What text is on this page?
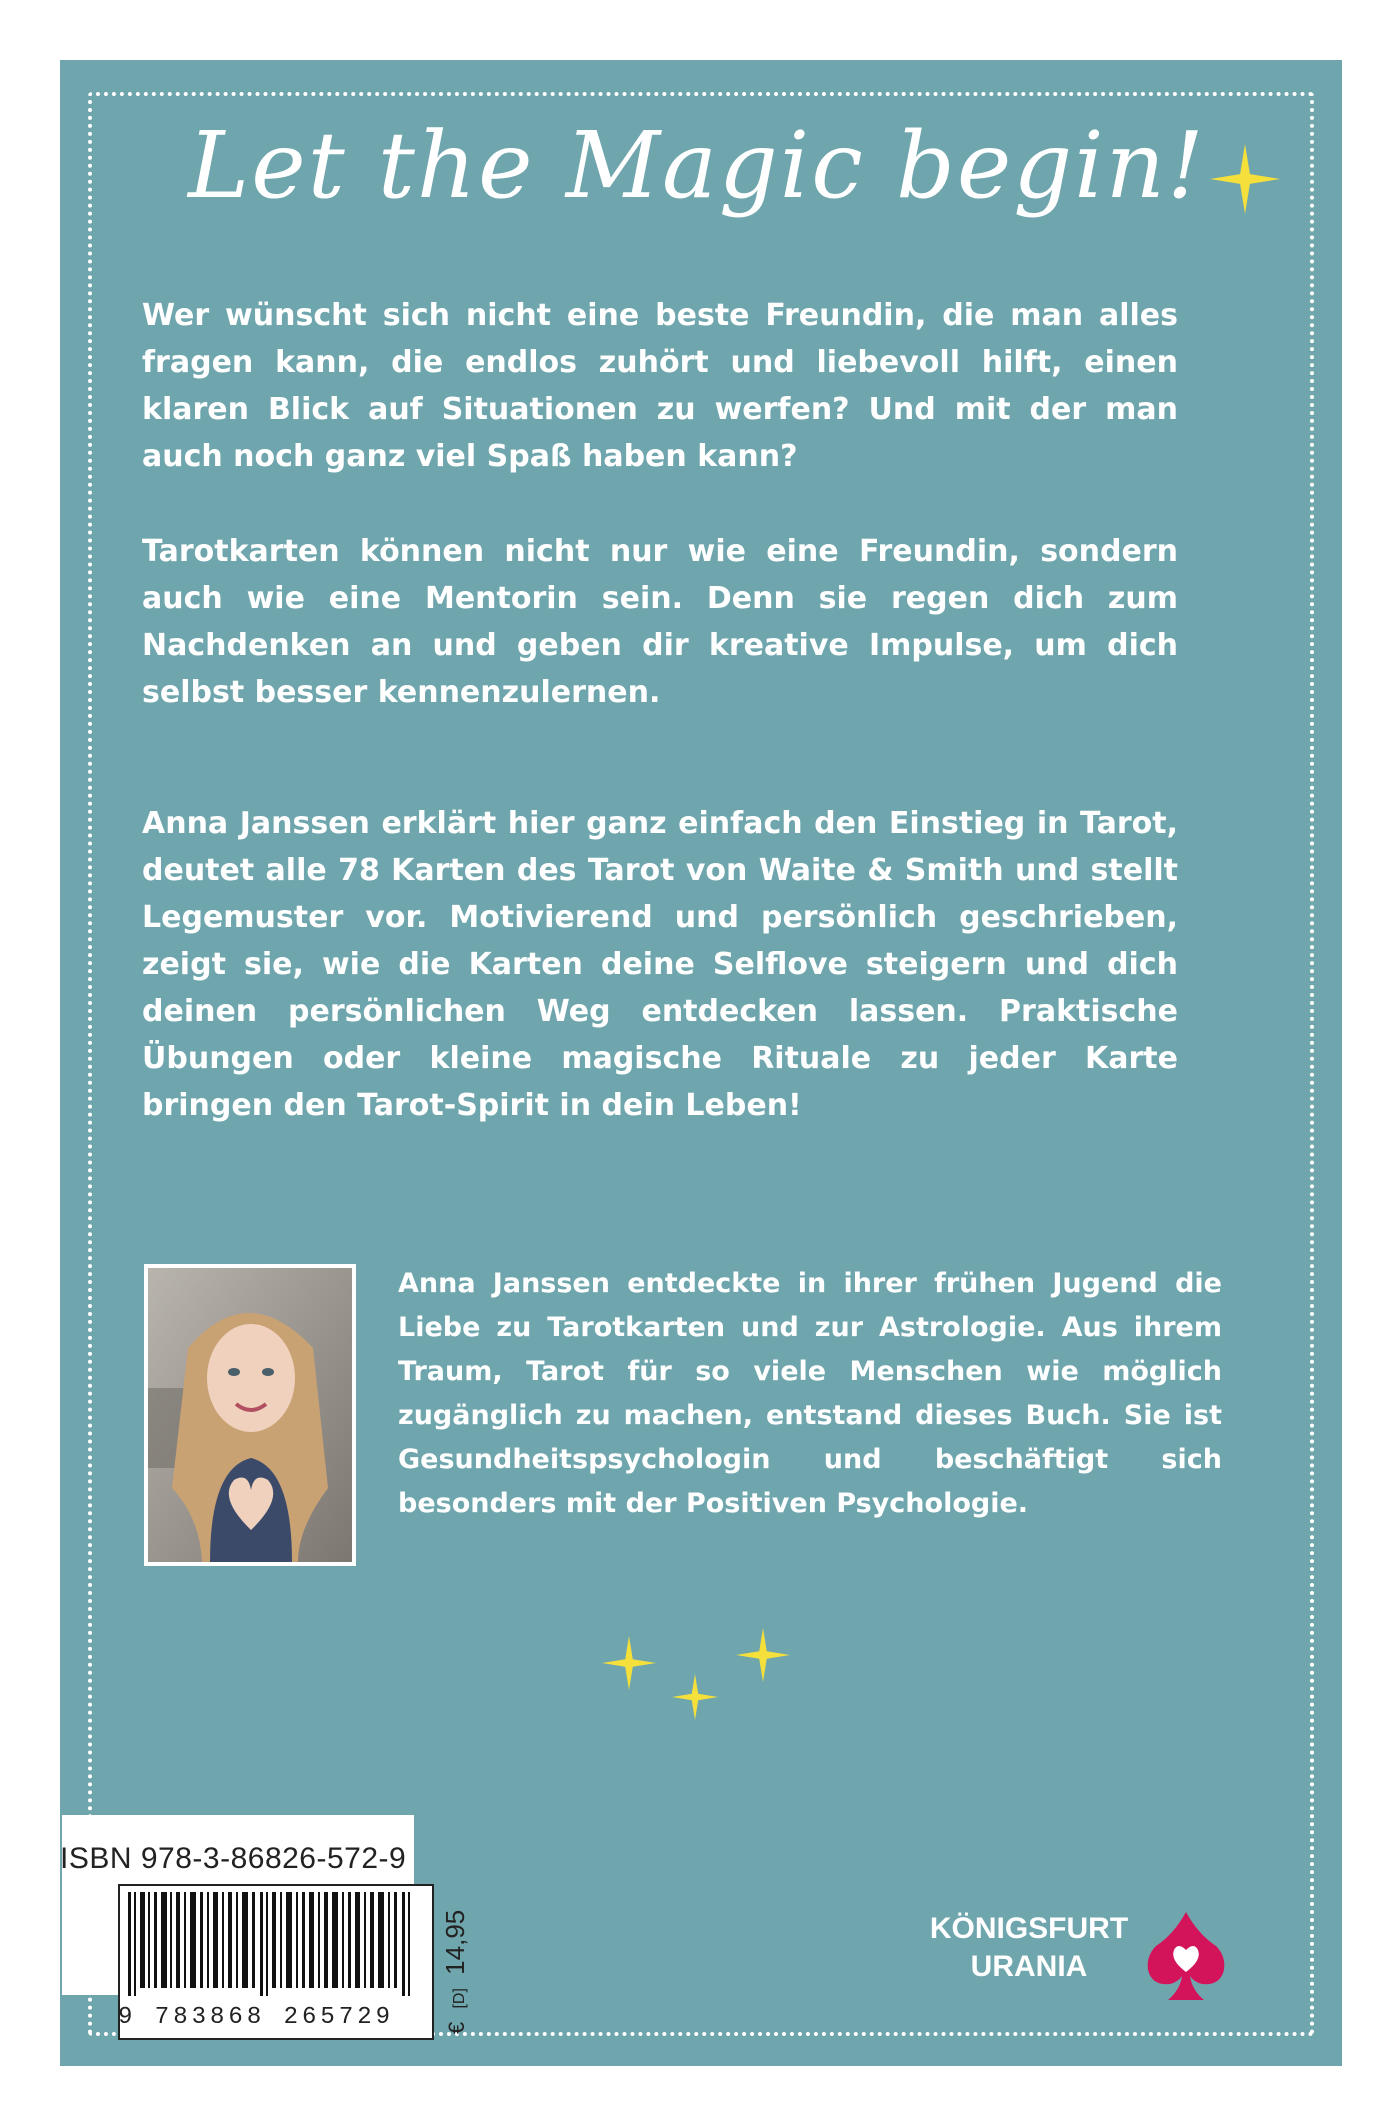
Let the Magic begin!

Wer wünscht sich nicht eine beste Freundin, die man alles fragen kann, die endlos zuhört und liebevoll hilft, einen klaren Blick auf Situationen zu werfen? Und mit der man auch noch ganz viel Spaß haben kann?

Tarotkarten können nicht nur wie eine Freundin, sondern auch wie eine Mentorin sein. Denn sie regen dich zum Nachdenken an und geben dir kreative Impulse, um dich selbst besser kennenzulernen.

Anna Janssen erklärt hier ganz einfach den Einstieg in Tarot, deutet alle 78 Karten des Tarot von Waite & Smith und stellt Legemuster vor. Motivierend und persönlich geschrieben, zeigt sie, wie die Karten deine Selflove steigern und dich deinen persönlichen Weg entdecken lassen. Praktische Übungen oder kleine magische Rituale zu jeder Karte bringen den Tarot-Spirit in dein Leben!

Anna Janssen entdeckte in ihrer frühen Jugend die Liebe zu Tarotkarten und zur Astrologie. Aus ihrem Traum, Tarot für so viele Menschen wie möglich zugänglich zu machen, entstand dieses Buch. Sie ist Gesundheitspsychologin und beschäftigt sich besonders mit der Positiven Psychologie.

ISBN 978-3-86826-572-9

9 783868 265729	€ [D] 14,95	KÖNIGSFURT
URANIA
